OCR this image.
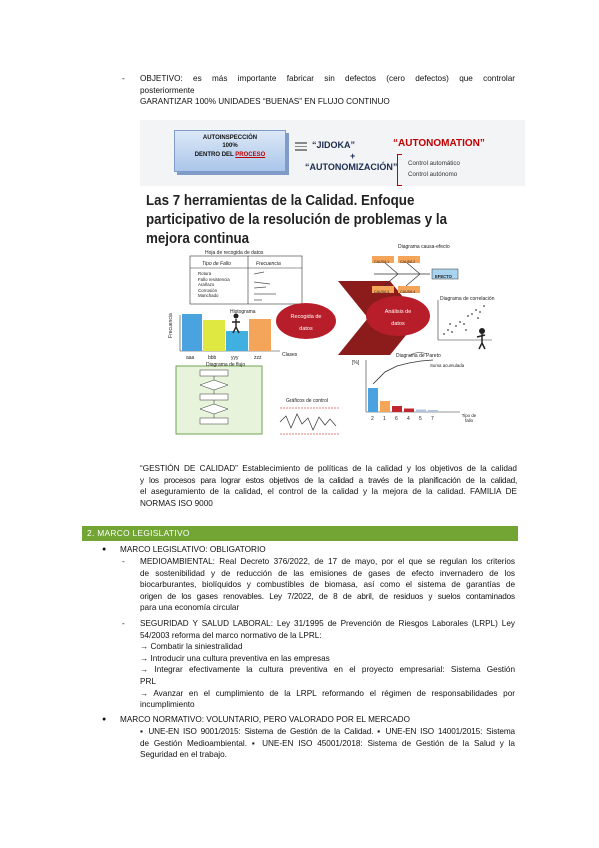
- OBJETIVO: es más importante fabricar sin defectos (cero defectos) que controlar
posteriormente
GARANTIZAR 100% UNIDADES “BUENAS” EN FLUJO CONTINUO
AUTOINSPECCIÓN
100%
DENTRO DEL PROCESO
“JIDOKA”
+
“AUTONOMIZACIÓN”
“AUTONOMATION”
Control automático
Control autónomo
Las 7 herramientas de la Calidad. Enfoque participativo de la resolución de problemas y la mejora continua
Hoja de recogida de datos
Tipo de Fallo	Frecuencia
Rotura
Fallo resistencia
Arañazo
Corrosión
Manchado
Histograma
Frecuencia
aaa	bbb	yyy	zzz	Clases
Diagrama de flujo
Recogida de datos
Análisis de datos
Diagrama causa-efecto
CAUSA 1	CAUSA 2
CAUSA 3	CAUSA 4
EFECTO
Diagrama de correlación
Gráficos de control
Diagrama de Pareto
[%]	Suma acumulada
Tipo de fallo
2 1 6 4 5 7
“GESTIÓN DE CALIDAD” Establecimiento de políticas de la calidad y los objetivos de la calidad
y los procesos para lograr estos objetivos de la calidad a través de la planificación de la calidad,
el aseguramiento de la calidad, el control de la calidad y la mejora de la calidad. FAMILIA DE
NORMAS ISO 9000
2. MARCO LEGISLATIVO
● MARCO LEGISLATIVO: OBLIGATORIO
- MEDIOAMBIENTAL: Real Decreto 376/2022, de 17 de mayo, por el que se regulan los criterios
de sostenibilidad y de reducción de las emisiones de gases de efecto invernadero de los
biocarburantes, biolíquidos y combustibles de biomasa, así como el sistema de garantías de
origen de los gases renovables. Ley 7/2022, de 8 de abril, de residuos y suelos contaminados
para una economía circular
- SEGURIDAD Y SALUD LABORAL: Ley 31/1995 de Prevención de Riesgos Laborales (LRPL) Ley
54/2003 reforma del marco normativo de la LPRL:
→ Combatir la siniestralidad
→ Introducir una cultura preventiva en las empresas
→ Integrar efectivamente la cultura preventiva en el proyecto empresarial: Sistema Gestión
PRL
→ Avanzar en el cumplimiento de la LRPL reformando el régimen de responsabilidades por
incumplimiento
● MARCO NORMATIVO: VOLUNTARIO, PERO VALORADO POR EL MERCADO
▪ UNE-EN ISO 9001/2015: Sistema de Gestión de la Calidad. ▪ UNE-EN ISO 14001/2015: Sistema
de Gestión Medioambiental. ▪ UNE-EN ISO 45001/2018: Sistema de Gestión de la Salud y la
Seguridad en el trabajo.
